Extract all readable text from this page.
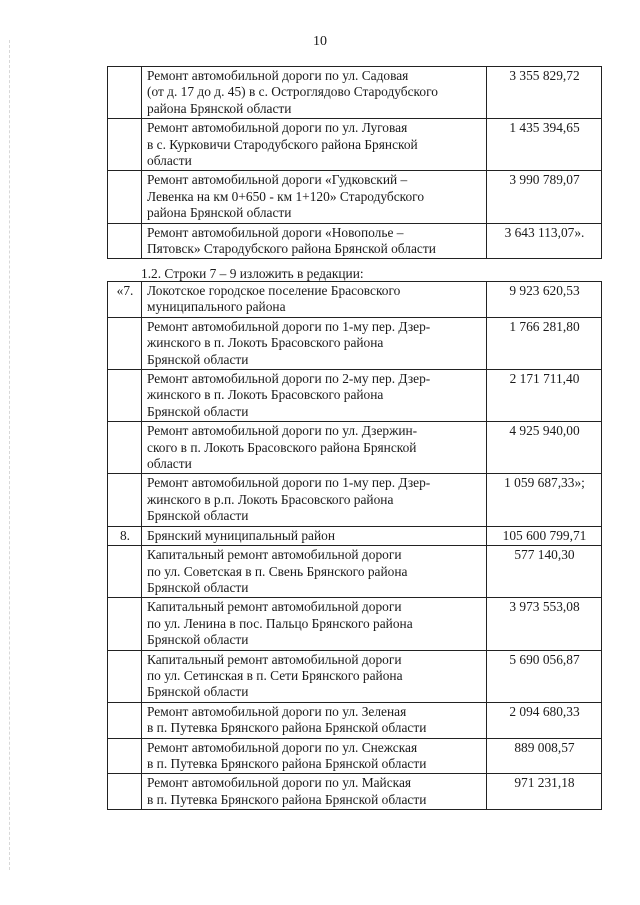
10

	Ремонт автомобильной дороги по ул. Садовая
(от д. 17 до д. 45) в с. Остроглядово Стародубского
района Брянской области	3 355 829,72

	Ремонт автомобильной дороги по ул. Луговая
в с. Курковичи Стародубского района Брянской
области	1 435 394,65

	Ремонт автомобильной дороги «Гудковский –
Левенка на км 0+650 - км 1+120» Стародубского
района Брянской области	3 990 789,07

	Ремонт автомобильной дороги «Новополье –
Пятовск» Стародубского района Брянской области	3 643 113,07».
1.2. Строки 7 – 9 изложить в редакции:
«7.	Локотское городское поселение Брасовского
муниципального района	9 923 620,53

	Ремонт автомобильной дороги по 1-му пер. Дзер-
жинского в п. Локоть Брасовского района
Брянской области	1 766 281,80

	Ремонт автомобильной дороги по 2-му пер. Дзер-
жинского в п. Локоть Брасовского района
Брянской области	2 171 711,40

	Ремонт автомобильной дороги по ул. Дзержин-
ского в п. Локоть Брасовского района Брянской
области	4 925 940,00

	Ремонт автомобильной дороги по 1-му пер. Дзер-
жинского в р.п. Локоть Брасовского района
Брянской области	1 059 687,33»;
8.	Брянский муниципальный район	105 600 799,71

	Капитальный ремонт автомобильной дороги
по ул. Советская в п. Свень Брянского района
Брянской области	577 140,30

	Капитальный ремонт автомобильной дороги
по ул. Ленина в пос. Пальцо Брянского района
Брянской области	3 973 553,08

	Капитальный ремонт автомобильной дороги
по ул. Сетинская в п. Сети Брянского района
Брянской области	5 690 056,87

	Ремонт автомобильной дороги по ул. Зеленая
в п. Путевка Брянского района Брянской области	2 094 680,33

	Ремонт автомобильной дороги по ул. Снежская
в п. Путевка Брянского района Брянской области	889 008,57

	Ремонт автомобильной дороги по ул. Майская
в п. Путевка Брянского района Брянской области	971 231,18
